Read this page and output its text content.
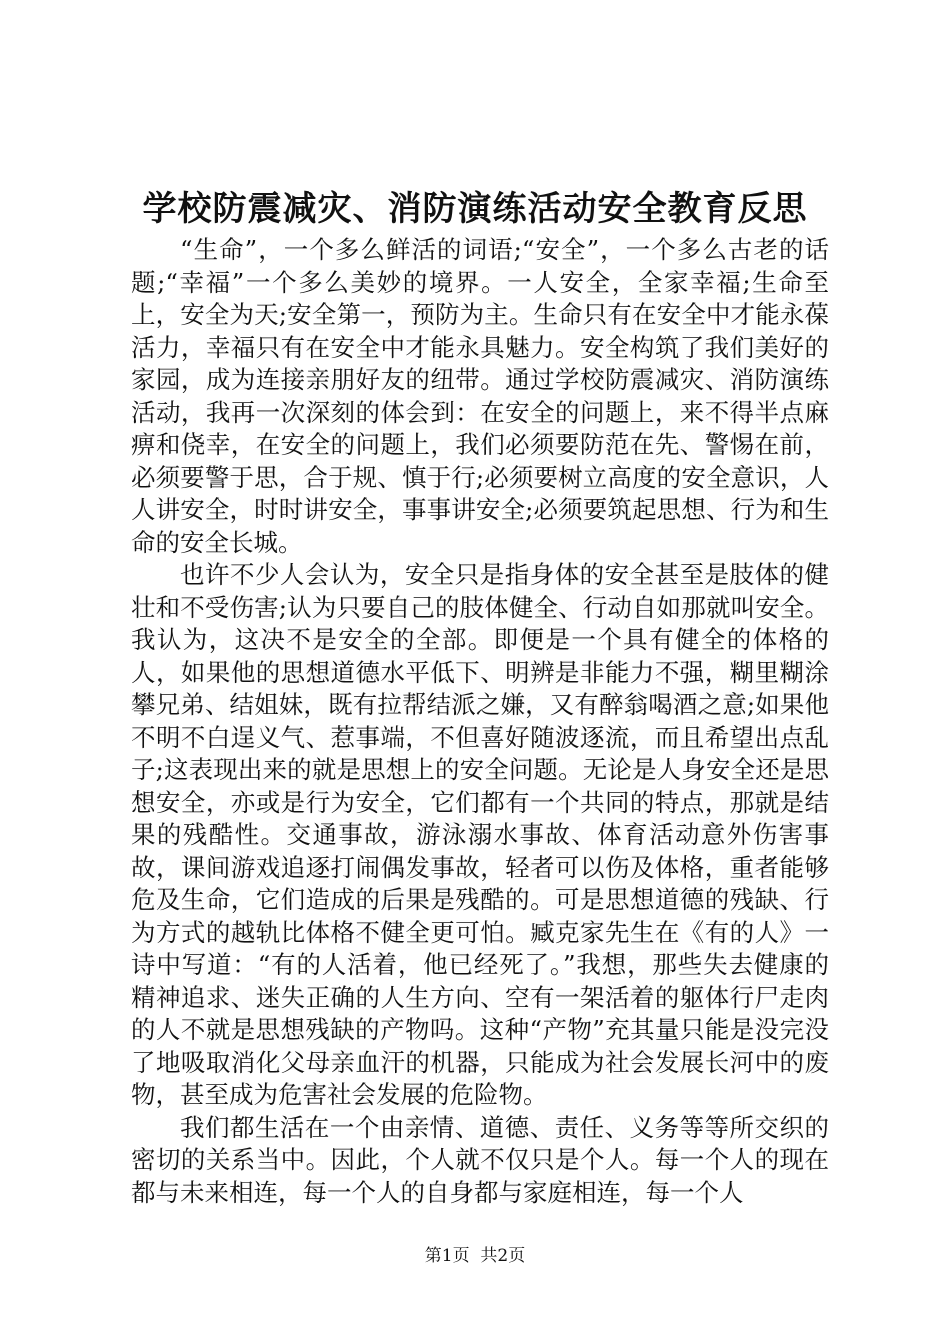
学校防震减灾、消防演练活动安全教育反思

“生命”，一个多么鲜活的词语;“安全”，一个多么古老的话题;“幸福”一个多么美妙的境界。一人安全，全家幸福;生命至上，安全为天;安全第一，预防为主。生命只有在安全中才能永葆活力，幸福只有在安全中才能永具魅力。安全构筑了我们美好的家园，成为连接亲朋好友的纽带。通过学校防震减灾、消防演练活动，我再一次深刻的体会到：在安全的问题上，来不得半点麻痹和侥幸，在安全的问题上，我们必须要防范在先、警惕在前，必须要警于思，合于规、慎于行;必须要树立高度的安全意识，人人讲安全，时时讲安全，事事讲安全;必须要筑起思想、行为和生命的安全长城。

也许不少人会认为，安全只是指身体的安全甚至是肢体的健壮和不受伤害;认为只要自己的肢体健全、行动自如那就叫安全。我认为，这决不是安全的全部。即便是一个具有健全的体格的人，如果他的思想道德水平低下、明辨是非能力不强，糊里糊涂攀兄弟、结姐妹，既有拉帮结派之嫌，又有醉翁喝酒之意;如果他不明不白逞义气、惹事端，不但喜好随波逐流，而且希望出点乱子;这表现出来的就是思想上的安全问题。无论是人身安全还是思想安全，亦或是行为安全，它们都有一个共同的特点，那就是结果的残酷性。交通事故，游泳溺水事故、体育活动意外伤害事故，课间游戏追逐打闹偶发事故，轻者可以伤及体格，重者能够危及生命，它们造成的后果是残酷的。可是思想道德的残缺、行为方式的越轨比体格不健全更可怕。臧克家先生在《有的人》一诗中写道：“有的人活着，他已经死了。”我想，那些失去健康的精神追求、迷失正确的人生方向、空有一架活着的躯体行尸走肉的人不就是思想残缺的产物吗。这种“产物”充其量只能是没完没了地吸取消化父母亲血汗的机器，只能成为社会发展长河中的废物，甚至成为危害社会发展的危险物。

我们都生活在一个由亲情、道德、责任、义务等等所交织的密切的关系当中。因此，个人就不仅只是个人。每一个人的现在都与未来相连，每一个人的自身都与家庭相连，每一个人

第1页  共2页
